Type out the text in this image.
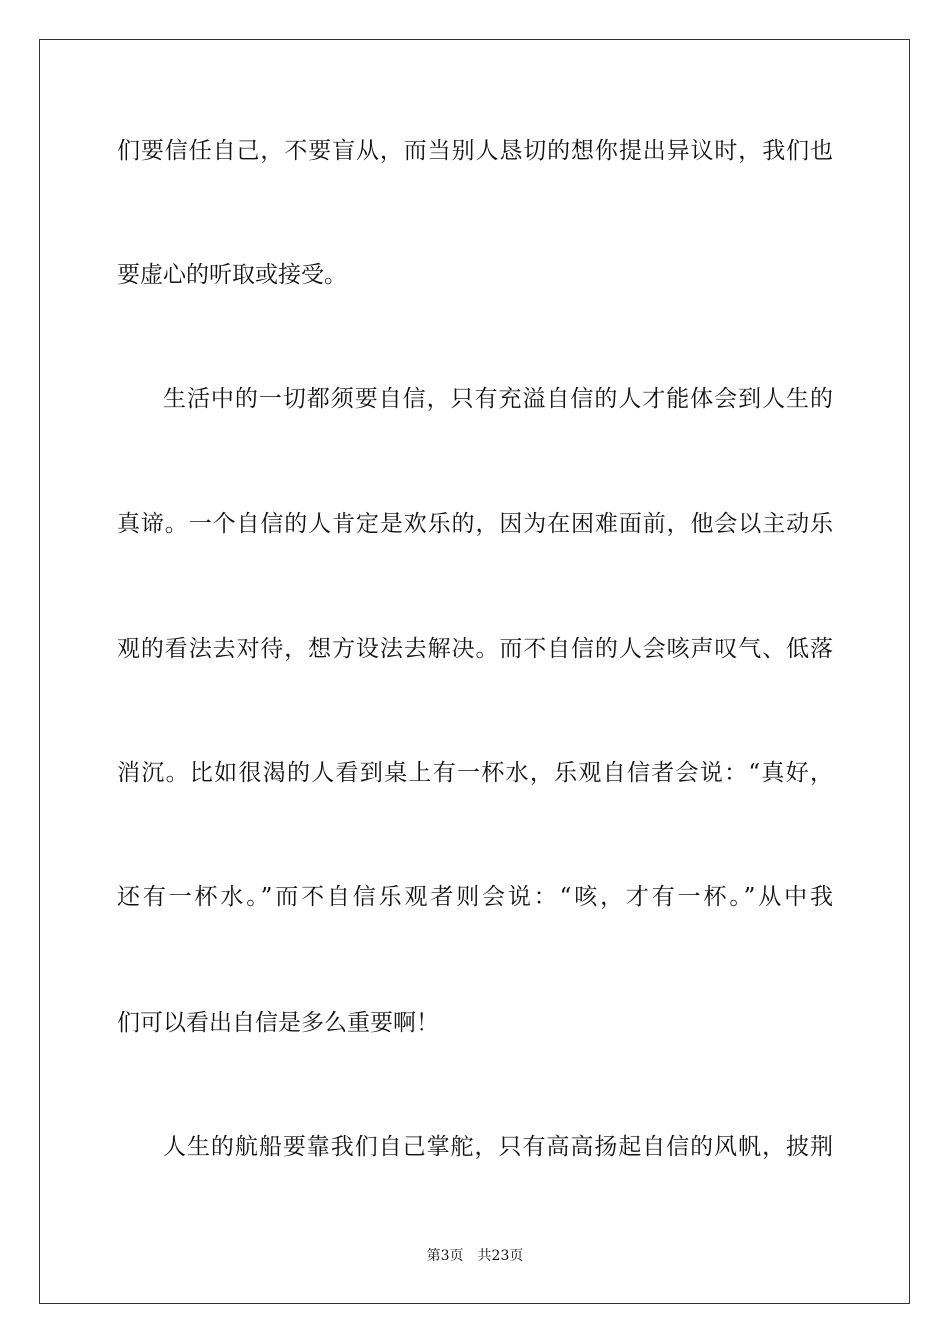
们要信任自己，不要盲从，而当别人恳切的想你提出异议时，我们也
要虚心的听取或接受。
生活中的一切都须要自信，只有充溢自信的人才能体会到人生的
真谛。一个自信的人肯定是欢乐的，因为在困难面前，他会以主动乐
观的看法去对待，想方设法去解决。而不自信的人会咳声叹气、低落
消沉。比如很渴的人看到桌上有一杯水，乐观自信者会说：“真好，
还有一杯水。”而不自信乐观者则会说：“咳，才有一杯。”从中我
们可以看出自信是多么重要啊！
人生的航船要靠我们自己掌舵，只有高高扬起自信的风帆，披荆
第3页 共23页
